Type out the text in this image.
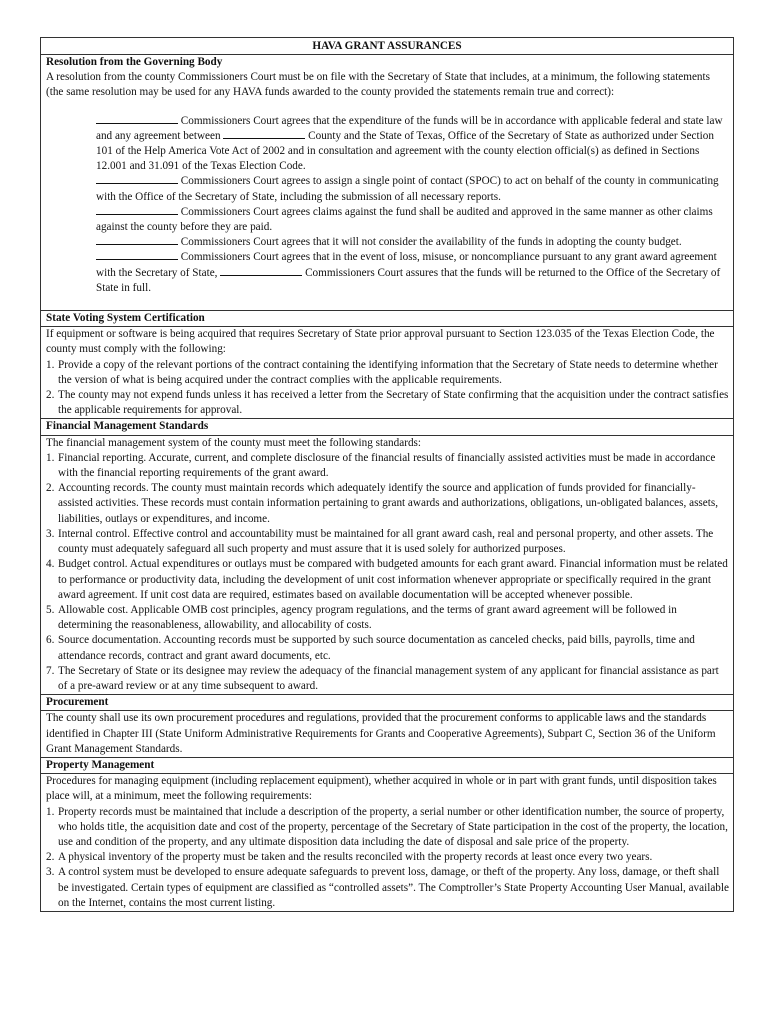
HAVA GRANT ASSURANCES
Resolution from the Governing Body

A resolution from the county Commissioners Court must be on file with the Secretary of State that includes, at a minimum, the following statements (the same resolution may be used for any HAVA funds awarded to the county provided the statements remain true and correct):

Commissioners Court agrees that the expenditure of the funds will be in accordance with applicable federal and state law and any agreement between	County and the State of Texas, Office of the Secretary of State as authorized under Section 101 of the Help America Vote Act of 2002 and in consultation and agreement with the county election official(s) as defined in Sections 12.001 and 31.091 of the Texas Election Code.

Commissioners Court agrees to assign a single point of contact (SPOC) to act on behalf of the county in communicating with the Office of the Secretary of State, including the submission of all necessary reports.

Commissioners Court agrees claims against the fund shall be audited and approved in the same manner as other claims against the county before they are paid.

Commissioners Court agrees that it will not consider the availability of the funds in adopting the county budget.

Commissioners Court agrees that in the event of loss, misuse, or noncompliance pursuant to any grant award agreement with the Secretary of State,	Commissioners Court assures that the funds will be returned to the Office of the Secretary of State in full.

State Voting System Certification

If equipment or software is being acquired that requires Secretary of State prior approval pursuant to Section 123.035 of the Texas Election Code, the county must comply with the following:

1. Provide a copy of the relevant portions of the contract containing the identifying information that the Secretary of State needs to determine whether the version of what is being acquired under the contract complies with the applicable requirements.
2. The county may not expend funds unless it has received a letter from the Secretary of State confirming that the acquisition under the contract satisfies the applicable requirements for approval.
Financial Management Standards

The financial management system of the county must meet the following standards:

1. Financial reporting. Accurate, current, and complete disclosure of the financial results of financially assisted activities must be made in accordance with the financial reporting requirements of the grant award.
2. Accounting records. The county must maintain records which adequately identify the source and application of funds provided for financially-assisted activities. These records must contain information pertaining to grant awards and authorizations, obligations, un-obligated balances, assets, liabilities, outlays or expenditures, and income.
3. Internal control. Effective control and accountability must be maintained for all grant award cash, real and personal property, and other assets. The county must adequately safeguard all such property and must assure that it is used solely for authorized purposes.
4. Budget control. Actual expenditures or outlays must be compared with budgeted amounts for each grant award. Financial information must be related to performance or productivity data, including the development of unit cost information whenever appropriate or specifically required in the grant award agreement. If unit cost data are required, estimates based on available documentation will be accepted whenever possible.
5. Allowable cost. Applicable OMB cost principles, agency program regulations, and the terms of grant award agreement will be followed in determining the reasonableness, allowability, and allocability of costs.
6. Source documentation. Accounting records must be supported by such source documentation as canceled checks, paid bills, payrolls, time and attendance records, contract and grant award documents, etc.
7. The Secretary of State or its designee may review the adequacy of the financial management system of any applicant for financial assistance as part of a pre-award review or at any time subsequent to award.
Procurement

The county shall use its own procurement procedures and regulations, provided that the procurement conforms to applicable laws and the standards identified in Chapter III (State Uniform Administrative Requirements for Grants and Cooperative Agreements), Subpart C, Section 36 of the Uniform Grant Management Standards.

Property Management

Procedures for managing equipment (including replacement equipment), whether acquired in whole or in part with grant funds, until disposition takes place will, at a minimum, meet the following requirements:

1. Property records must be maintained that include a description of the property, a serial number or other identification number, the source of property, who holds title, the acquisition date and cost of the property, percentage of the Secretary of State participation in the cost of the property, the location, use and condition of the property, and any ultimate disposition data including the date of disposal and sale price of the property.
2. A physical inventory of the property must be taken and the results reconciled with the property records at least once every two years.
3. A control system must be developed to ensure adequate safeguards to prevent loss, damage, or theft of the property. Any loss, damage, or theft shall be investigated. Certain types of equipment are classified as “controlled assets”. The Comptroller’s State Property Accounting User Manual, available on the Internet, contains the most current listing.
